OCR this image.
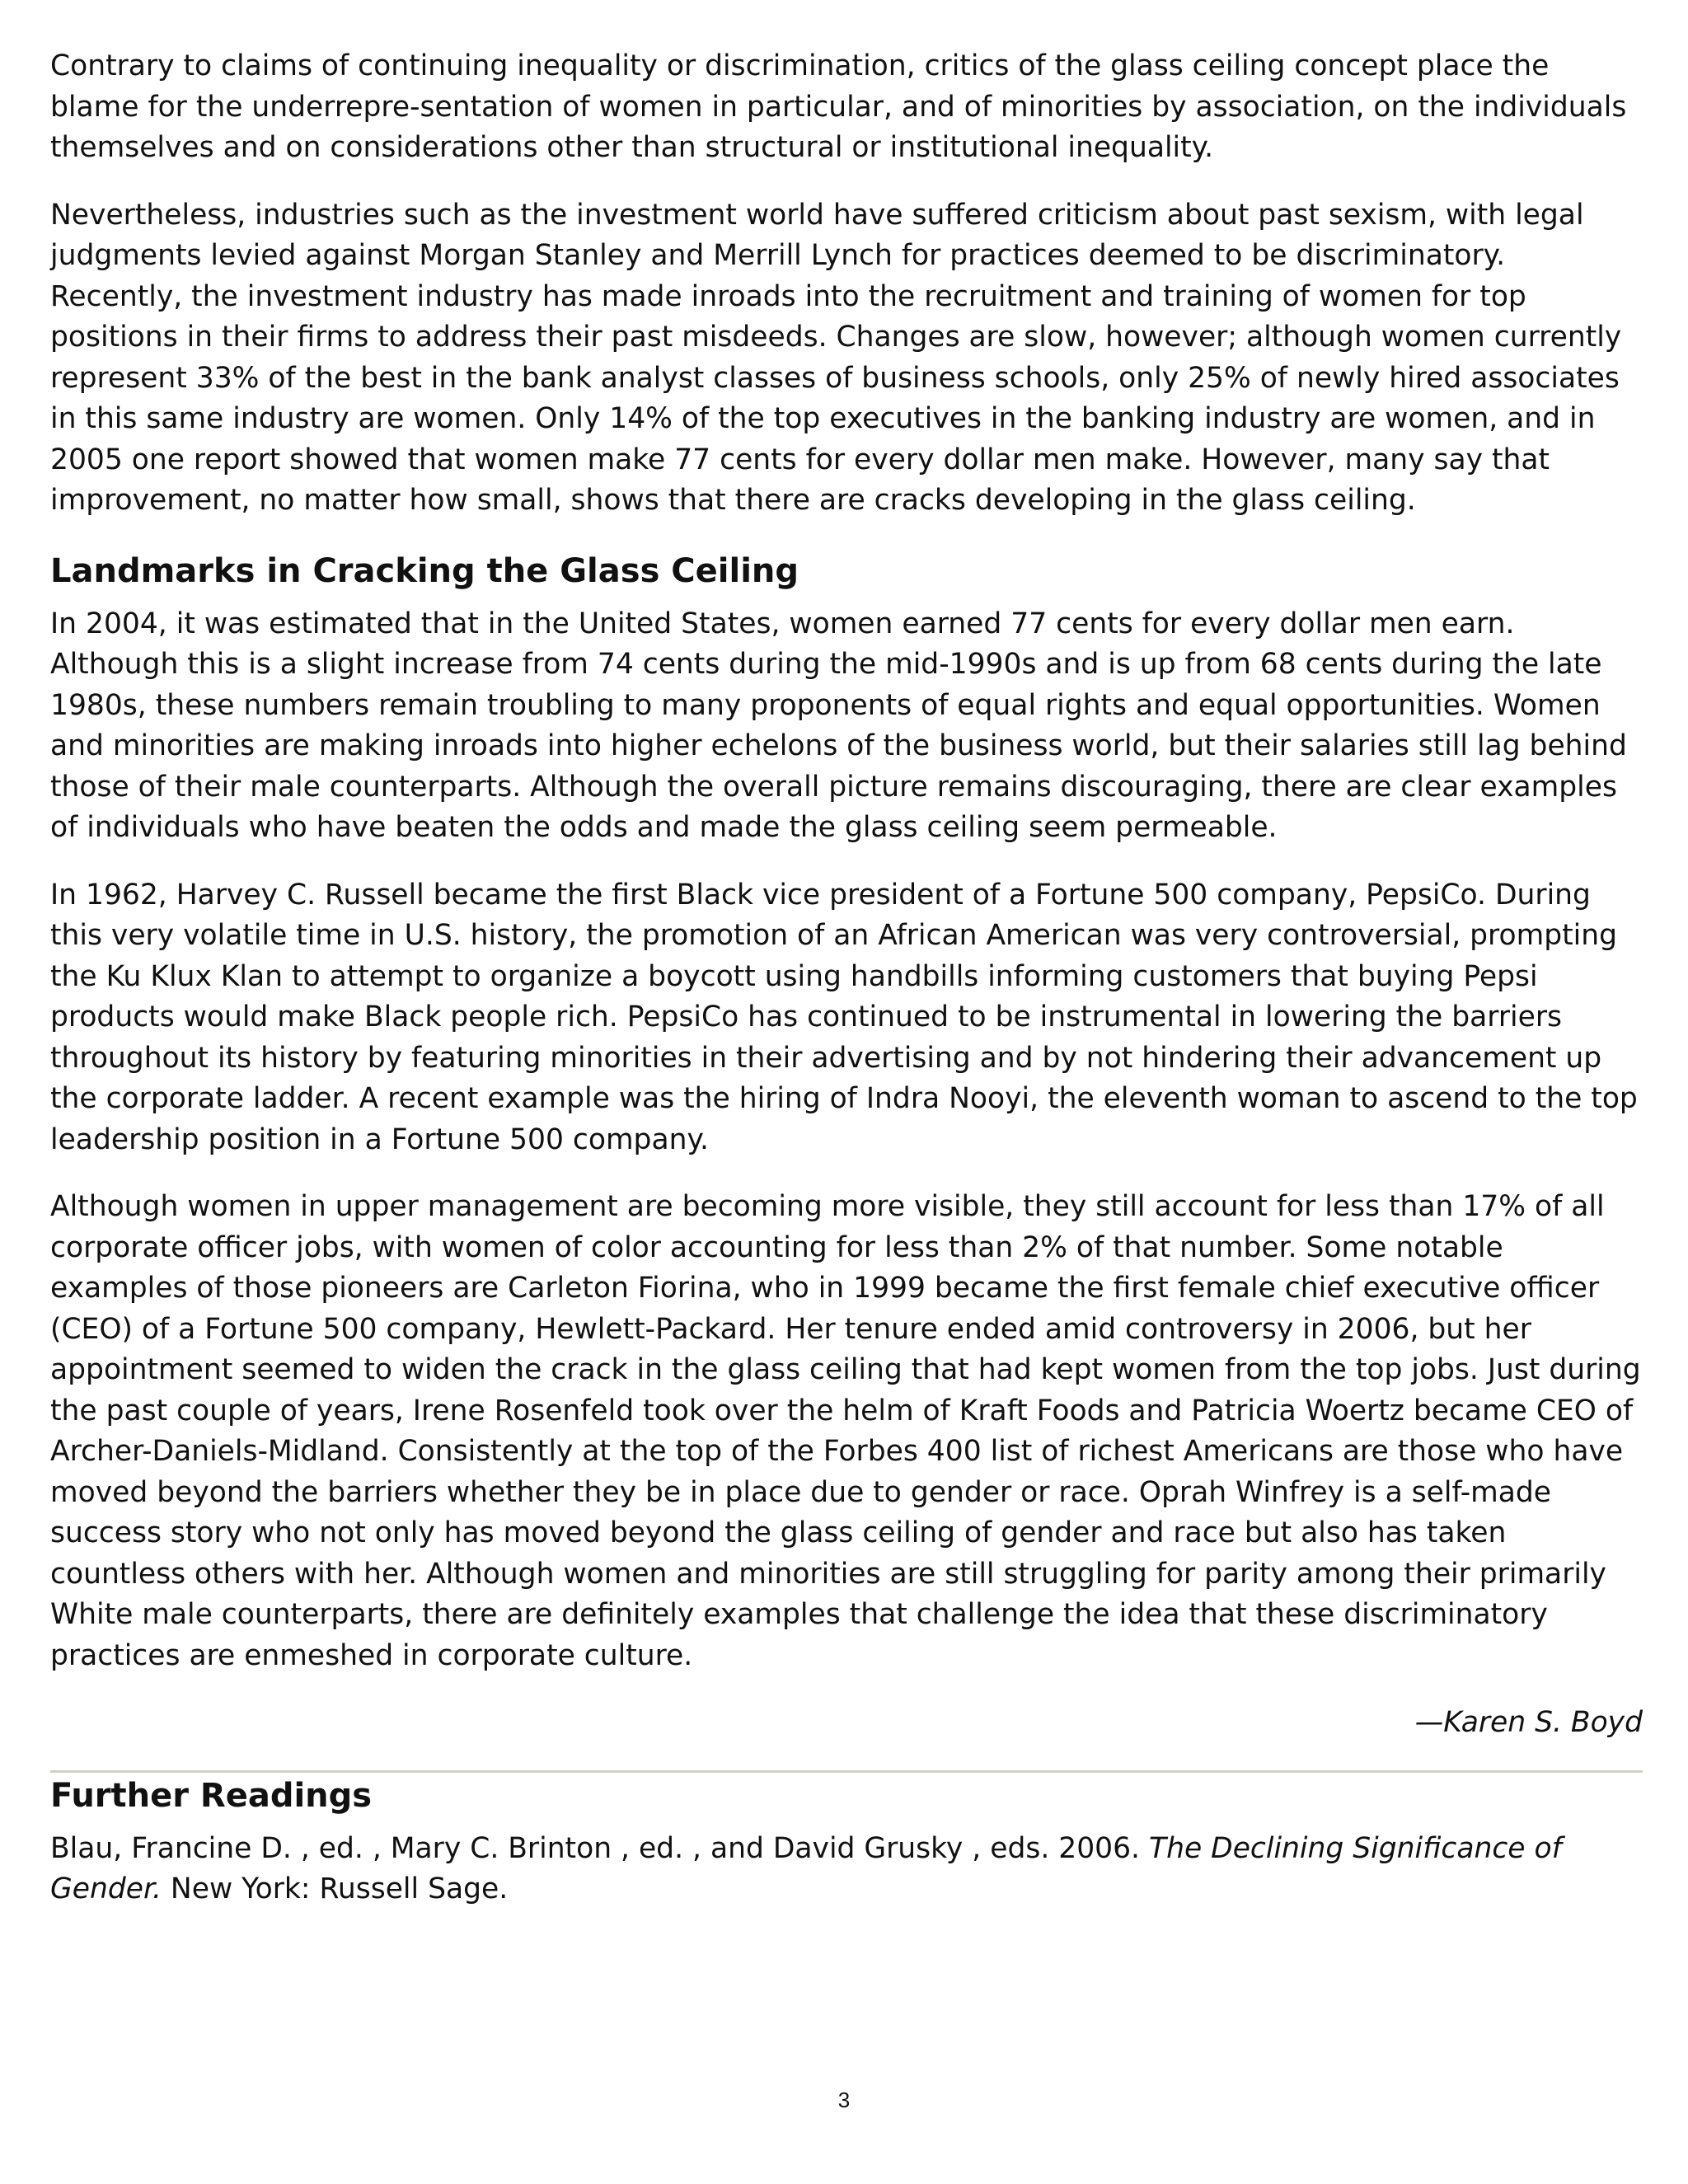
Contrary to claims of continuing inequality or discrimination, critics of the glass ceiling concept place the blame for the underrepre-sentation of women in particular, and of minorities by association, on the individuals themselves and on considerations other than structural or institutional inequality.

Nevertheless, industries such as the investment world have suffered criticism about past sexism, with legal judgments levied against Morgan Stanley and Merrill Lynch for practices deemed to be discriminatory. Recently, the investment industry has made inroads into the recruitment and training of women for top positions in their firms to address their past misdeeds. Changes are slow, however; although women currently represent 33% of the best in the bank analyst classes of business schools, only 25% of newly hired associates in this same industry are women. Only 14% of the top executives in the banking industry are women, and in 2005 one report showed that women make 77 cents for every dollar men make. However, many say that improvement, no matter how small, shows that there are cracks developing in the glass ceiling.

Landmarks in Cracking the Glass Ceiling

In 2004, it was estimated that in the United States, women earned 77 cents for every dollar men earn. Although this is a slight increase from 74 cents during the mid-1990s and is up from 68 cents during the late 1980s, these numbers remain troubling to many proponents of equal rights and equal opportunities. Women and minorities are making inroads into higher echelons of the business world, but their salaries still lag behind those of their male counterparts. Although the overall picture remains discouraging, there are clear examples of individuals who have beaten the odds and made the glass ceiling seem permeable.

In 1962, Harvey C. Russell became the first Black vice president of a Fortune 500 company, PepsiCo. During this very volatile time in U.S. history, the promotion of an African American was very controversial, prompting the Ku Klux Klan to attempt to organize a boycott using handbills informing customers that buying Pepsi products would make Black people rich. PepsiCo has continued to be instrumental in lowering the barriers throughout its history by featuring minorities in their advertising and by not hindering their advancement up the corporate ladder. A recent example was the hiring of Indra Nooyi, the eleventh woman to ascend to the top leadership position in a Fortune 500 company.

Although women in upper management are becoming more visible, they still account for less than 17% of all corporate officer jobs, with women of color accounting for less than 2% of that number. Some notable examples of those pioneers are Carleton Fiorina, who in 1999 became the first female chief executive officer (CEO) of a Fortune 500 company, Hewlett-Packard. Her tenure ended amid controversy in 2006, but her appointment seemed to widen the crack in the glass ceiling that had kept women from the top jobs. Just during the past couple of years, Irene Rosenfeld took over the helm of Kraft Foods and Patricia Woertz became CEO of Archer-Daniels-Midland. Consistently at the top of the Forbes 400 list of richest Americans are those who have moved beyond the barriers whether they be in place due to gender or race. Oprah Winfrey is a self-made success story who not only has moved beyond the glass ceiling of gender and race but also has taken countless others with her. Although women and minorities are still struggling for parity among their primarily White male counterparts, there are definitely examples that challenge the idea that these discriminatory practices are enmeshed in corporate culture.

—Karen S. Boyd

Further Readings

Blau, Francine D. , ed. , Mary C. Brinton , ed. , and David Grusky , eds. 2006. The Declining Significance of Gender. New York: Russell Sage.

3
